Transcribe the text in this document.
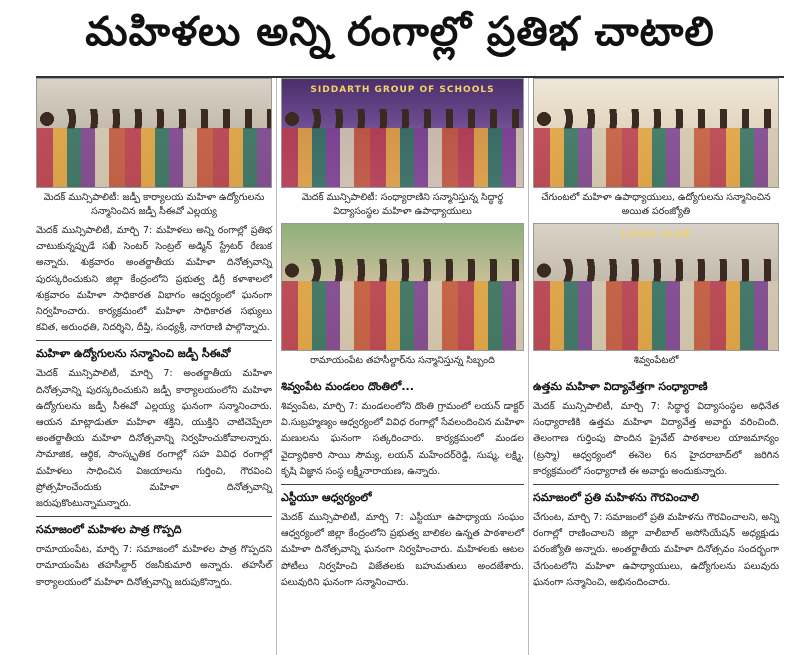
మహిళలు అన్ని రంగాల్లో ప్రతిభ చాటాలి
మెదక్ మున్సిపాలిటీ: జడ్పీ కార్యాలయ మహిళా ఉద్యోగులను సన్మానించిన జడ్పీ సీఈవో ఎల్లయ్య
మెదక్ మున్సిపాలిటీ, మార్చి 7: మహిళలు అన్ని రంగాల్లో ప్రతిభ చాటుకున్నప్పుడే సఖీ సెంటర్ సెంట్రల్ అడ్మిన్ స్ట్రేటర్ రేణుక అన్నారు. శుక్రవారం అంతర్జాతీయ మహిళా దినోత్సవాన్ని పురస్కరించుకుని జిల్లా కేంద్రంలోని ప్రభుత్వ డిగ్రీ కళాశాలలో శుక్రవారం మహిళా సాధికారత విభాగం ఆధ్వర్యంలో ఘనంగా నిర్వహించారు. కార్యక్రమంలో మహిళా సాధికారత సభ్యులు కవిత, అరుంధతి, నిదర్శిని, దీప్తి, సంధ్యశ్రీ, నాగరాణి పాల్గొన్నారు.
మహిళా ఉద్యోగులను సన్మానించి జడ్పీ సీఈవో
మెదక్ మున్సిపాలిటీ, మార్చి 7: అంతర్జాతీయ మహిళా దినోత్సవాన్ని పురస్కరించుకుని జడ్పీ కార్యాలయంలోని మహిళా ఉద్యోగులను జడ్పీ సీఈవో ఎల్లయ్య ఘనంగా సన్మానించారు. ఆయన మాట్లాడుతూ మహిళా శక్తిని, యుక్తిని చాటిచెప్పేలా అంతర్జాతీయ మహిళా దినోత్సవాన్ని నిర్వహించుకోవాలన్నారు. సామాజిక, ఆర్థిక, సాంస్కృతిక రంగాల్లో సహ వివిధ రంగాల్లో మహిళలు సాధించిన విజయాలను గుర్తించి, గౌరవించి ప్రోత్సహించేందుకు మహిళా దినోత్సవాన్ని జరుపుకొంటున్నామన్నారు.
సమాజంలో మహిళల పాత్ర గొప్పది
రామాయంపేట, మార్చి 7: సమాజంలో మహిళల పాత్ర గొప్పదని రామాయంపేట తహసీల్దార్ రజనీకుమారి అన్నారు. తహసీల్ కార్యాలయంలో మహిళా దినోత్సవాన్ని జరుపుకొన్నారు.
SIDDARTH GROUP OF SCHOOLS
మెదక్ మున్సిపాలిటీ: సంధ్యారాణిని సన్మానిస్తున్న సిద్ధార్థ విద్యాసంస్థల మహిళా ఉపాధ్యాయులు
రామాయంపేట తహసీల్దార్‌ను సన్మానిస్తున్న సిబ్బంది
శివ్వంపేట మండలం దొంతిలో...
శివ్వంపేట, మార్చి 7: మండలంలోని దొంతి గ్రామంలో లయన్ డాక్టర్ వి.సుబ్రహ్మణ్యం ఆధ్వర్యంలో వివిధ రంగాల్లో సేవలందించిన మహిళా మణులను ఘనంగా సత్కరించారు. కార్యక్రమంలో మండల వైద్యాధికారి సాయి సౌమ్య, లయన్ మహేందర్‌రెడ్డి, సుష్మ, లక్ష్మి, కృషి విజ్ఞాన సంస్థ లక్ష్మీనారాయణ, ఉన్నారు.
ఎస్టీయూ ఆధ్వర్యంలో
మెదక్ మున్సిపాలిటీ, మార్చి 7: ఎస్టీయూ ఉపాధ్యాయ సంఘం ఆధ్వర్యంలో జిల్లా కేంద్రంలోని ప్రభుత్వ బాలికల ఉన్నత పాఠశాలలో మహిళా దినోత్సవాన్ని ఘనంగా నిర్వహించారు. మహిళలకు ఆటల పోటీలు నిర్వహించి విజేతలకు బహుమతులు అందజేశారు. పలువురిని ఘనంగా సన్మానించారు.
చేగుంటలో మహిళా ఉపాధ్యాయులు, ఉద్యోగులను సన్మానించిన అయిత పరంజ్యోతి
LIONS CLUB
శివ్వంపేటలో
ఉత్తమ మహిళా విద్యావేత్తగా సంధ్యారాణి
మెదక్ మున్సిపాలిటీ, మార్చి 7: సిద్ధార్థ విద్యాసంస్థల అధినేత సంధ్యారాణికి ఉత్తమ మహిళా విద్యావేత్త అవార్డు వరించింది. తెలంగాణ గుర్తింపు పొందిన ప్రైవేట్ పాఠశాలల యాజమాన్యం (ట్రస్మా) ఆధ్వర్యంలో ఈనెల 6న హైదరాబాద్‌లో జరిగిన కార్యక్రమంలో సంధ్యారాణి ఈ అవార్డు అందుకున్నారు.
సమాజంలో ప్రతి మహిళను గౌరవించాలి
చేగుంట, మార్చి 7: సమాజంలో ప్రతి మహిళను గౌరవించాలని, అన్ని రంగాల్లో రాణించాలని జిల్లా వాలీబాల్ అసోసియేషన్ అధ్యక్షుడు పరంజ్యోతి అన్నారు. అంతర్జాతీయ మహిళా దినోత్సవం సందర్భంగా చేగుంటలోని మహిళా ఉపాధ్యాయులు, ఉద్యోగులను పలువురు ఘనంగా సన్మానించి, అభినందించారు.
